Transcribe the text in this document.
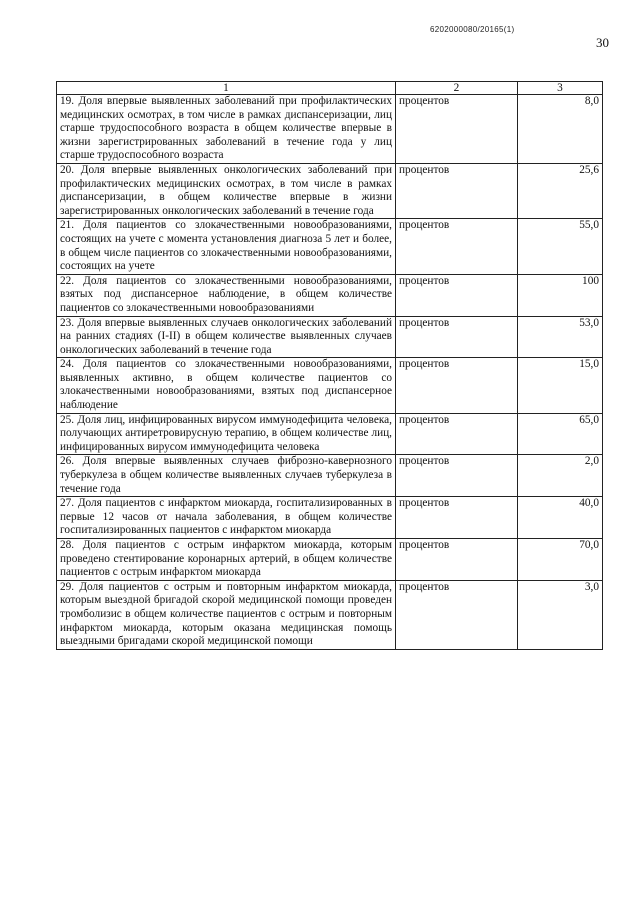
6202000080/20165(1)
30
1	2	3
19. Доля впервые выявленных заболеваний при профилактических медицинских осмотрах, в том числе в рамках диспансеризации, лиц старше трудоспособного возраста в общем количестве впервые в жизни зарегистрированных заболеваний в течение года у лиц старше трудоспособного возраста	процентов	8,0
20. Доля впервые выявленных онкологических заболеваний при профилактических медицинских осмотрах, в том числе в рамках диспансеризации, в общем количестве впервые в жизни зарегистрированных онкологических заболеваний в течение года	процентов	25,6
21. Доля пациентов со злокачественными новообразованиями, состоящих на учете с момента установления диагноза 5 лет и более, в общем числе пациентов со злокачественными новообразованиями, состоящих на учете	процентов	55,0
22. Доля пациентов со злокачественными новообразованиями, взятых под диспансерное наблюдение, в общем количестве пациентов со злокачественными новообразованиями	процентов	100
23. Доля впервые выявленных случаев онкологических заболеваний на ранних стадиях (I-II) в общем количестве выявленных случаев онкологических заболеваний в течение года	процентов	53,0
24. Доля пациентов со злокачественными новообразованиями, выявленных активно, в общем количестве пациентов со злокачественными новообразованиями, взятых под диспансерное наблюдение	процентов	15,0
25. Доля лиц, инфицированных вирусом иммунодефицита человека, получающих антиретровирусную терапию, в общем количестве лиц, инфицированных вирусом иммунодефицита человека	процентов	65,0
26. Доля впервые выявленных случаев фиброзно-кавернозного туберкулеза в общем количестве выявленных случаев туберкулеза в течение года	процентов	2,0
27. Доля пациентов с инфарктом миокарда, госпитализированных в первые 12 часов от начала заболевания, в общем количестве госпитализированных пациентов с инфарктом миокарда	процентов	40,0
28. Доля пациентов с острым инфарктом миокарда, которым проведено стентирование коронарных артерий, в общем количестве пациентов с острым инфарктом миокарда	процентов	70,0
29. Доля пациентов с острым и повторным инфарктом миокарда, которым выездной бригадой скорой медицинской помощи проведен тромболизис в общем количестве пациентов с острым и повторным инфарктом миокарда, которым оказана медицинская помощь выездными бригадами скорой медицинской помощи	процентов	3,0
